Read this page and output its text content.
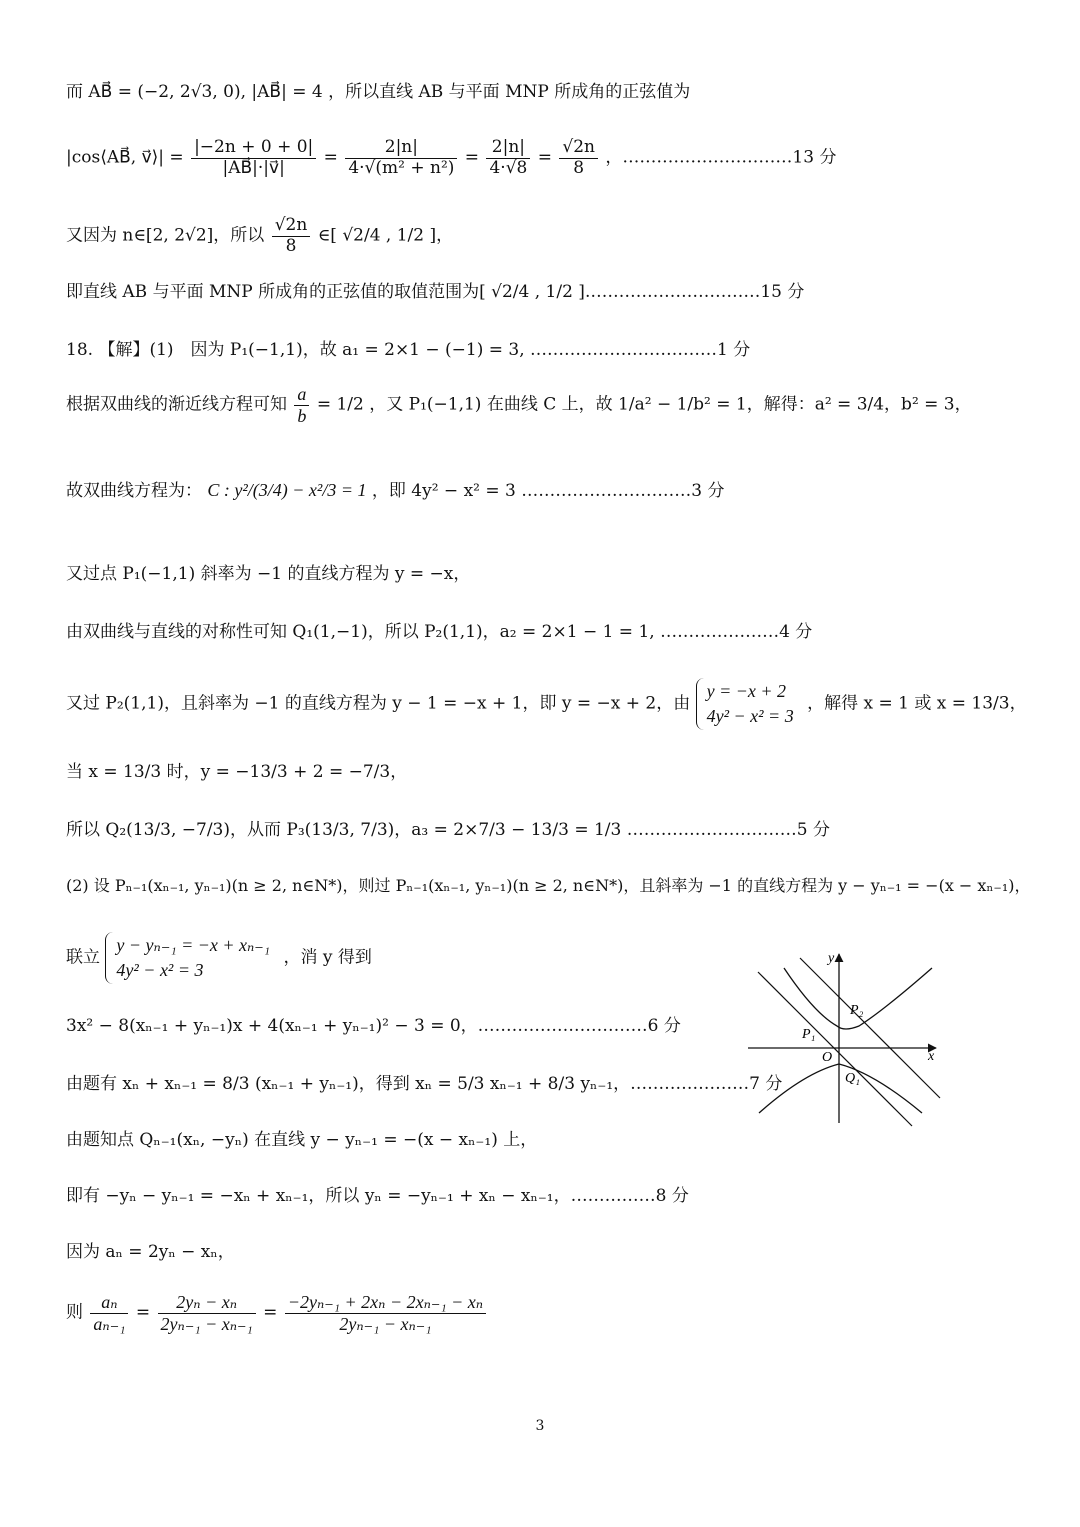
而 AB⃗ = (−2, 2√3, 0), |AB⃗| = 4 ，所以直线 AB 与平面 MNP 所成角的正弦值为
|cos⟨AB⃗, v⃗⟩| = $\frac{|-2n + 0 + 0|}{|AB⃗|\cdot|v⃗|} = \frac{2|n|}{\text{4·√(m² + n²)}} = \frac{2|n|}{4\cdot√8} = \frac{√2n}{8}$ ，…………………………13 分
又因为 n∈[2, 2√2]，所以 $\frac{√2n}{8}$ ∈[ √2/4 , 1/2 ]，
即直线 AB 与平面 MNP 所成角的正弦值的取值范围为[ √2/4 , 1/2 ].…………………………15 分
18. 【解】(1)　因为 P₁(−1,1)，故 a₁ = 2×1 − (−1) = 3, ……………………………1 分
根据双曲线的渐近线方程可知 $\frac{a}{b} = 1/2$ ，又 P₁(−1,1) 在曲线 C 上，故 1/a² − 1/b² = 1，解得：a² = 3/4，b² = 3，
故双曲线方程为： C : y²/(3/4) − x²/3 = 1 ，即 4y² − x² = 3 …………………………3 分
又过点 P₁(−1,1) 斜率为 −1 的直线方程为 y = −x，
由双曲线与直线的对称性可知 Q₁(1,−1)，所以 P₂(1,1)，a₂ = 2×1 − 1 = 1, …………………4 分
又过 P₂(1,1)，且斜率为 −1 的直线方程为 y − 1 = −x + 1，即 y = −x + 2，由 y = −x + 2
4y² − x² = 3 ，解得 x = 1 或 x = 13/3，
当 x = 13/3 时，y = −13/3 + 2 = −7/3，
所以 Q₂(13/3, −7/3)，从而 P₃(13/3, 7/3)，a₃ = 2×7/3 − 13/3 = 1/3 …………………………5 分
(2) 设 Pₙ₋₁(xₙ₋₁, yₙ₋₁)(n ≥ 2, n∈N*)，则过 Pₙ₋₁(xₙ₋₁, yₙ₋₁)(n ≥ 2, n∈N*)，且斜率为 −1 的直线方程为 y − yₙ₋₁ = −(x − xₙ₋₁)，
联立 y − yₙ₋₁ = −x + xₙ₋₁
4y² − x² = 3 ，消 y 得到
3x² − 8(xₙ₋₁ + yₙ₋₁)x + 4(xₙ₋₁ + yₙ₋₁)² − 3 = 0，…………………………6 分
由题有 xₙ + xₙ₋₁ = 8/3 (xₙ₋₁ + yₙ₋₁)，得到 xₙ = 5/3 xₙ₋₁ + 8/3 yₙ₋₁，…………………7 分
由题知点 Qₙ₋₁(xₙ, −yₙ) 在直线 y − yₙ₋₁ = −(x − xₙ₋₁) 上，
即有 −yₙ − yₙ₋₁ = −xₙ + xₙ₋₁，所以 yₙ = −yₙ₋₁ + xₙ − xₙ₋₁，……………8 分
因为 aₙ = 2yₙ − xₙ，
则 $\frac{\text{aₙ}}{\text{aₙ₋₁}} = \frac{\text{2yₙ − xₙ}}{\text{2yₙ₋₁ − xₙ₋₁}} = \frac{\text{−2yₙ₋₁ + 2xₙ − 2xₙ₋₁ − xₙ}}{\text{2yₙ₋₁ − xₙ₋₁}}$
x
y
O
P₁
P₂
Q₁
3
